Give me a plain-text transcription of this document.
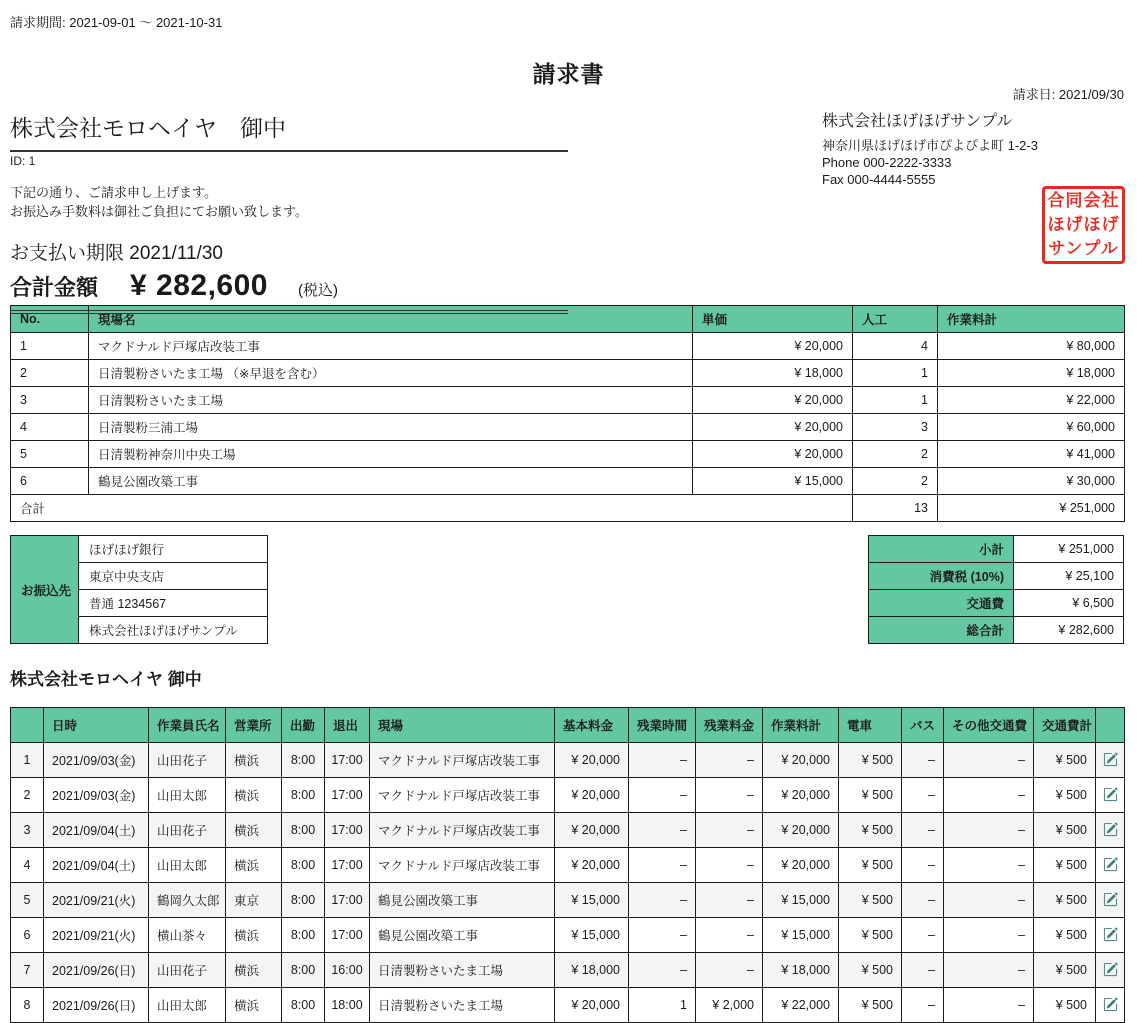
請求期間: 2021-09-01 ～ 2021-10-31
請求書
請求日: 2021/09/30
株式会社モロヘイヤ　御中
ID: 1
下記の通り、ご請求申し上げます。
お振込み手数料は御社ご負担にてお願い致します。
お支払い期限 2021/11/30
合計金額 ¥ 282,600 (税込)
株式会社ほげほげサンプル
神奈川県ほげほげ市ぴよぴよ町 1-2-3
Phone 000-2222-3333
Fax 000-4444-5555
合同会社
ほげほげ
サンプル
No.	現場名	単価	人工	作業料計
1	マクドナルド戸塚店改装工事	¥ 20,000	4	¥ 80,000
2	日清製粉さいたま工場 （※早退を含む）	¥ 18,000	1	¥ 18,000
3	日清製粉さいたま工場	¥ 20,000	1	¥ 22,000
4	日清製粉三浦工場	¥ 20,000	3	¥ 60,000
5	日清製粉神奈川中央工場	¥ 20,000	2	¥ 41,000
6	鶴見公園改築工事	¥ 15,000	2	¥ 30,000
合計			13	¥ 251,000
お振込先	ほげほげ銀行
東京中央支店
普通 1234567
株式会社ほげほげサンプル
小計	¥ 251,000
消費税 (10%)	¥ 25,100
交通費	¥ 6,500
総合計	¥ 282,600
株式会社モロヘイヤ 御中
	日時	作業員氏名	営業所	出勤	退出	現場	基本料金	残業時間	残業料金	作業料計	電車	バス	その他交通費	交通費計	
1	2021/09/03(金)	山田花子	横浜	8:00	17:00	マクドナルド戸塚店改装工事	¥ 20,000	–	–	¥ 20,000	¥ 500	–	–	¥ 500	

2	2021/09/03(金)	山田太郎	横浜	8:00	17:00	マクドナルド戸塚店改装工事	¥ 20,000	–	–	¥ 20,000	¥ 500	–	–	¥ 500	

3	2021/09/04(土)	山田花子	横浜	8:00	17:00	マクドナルド戸塚店改装工事	¥ 20,000	–	–	¥ 20,000	¥ 500	–	–	¥ 500	

4	2021/09/04(土)	山田太郎	横浜	8:00	17:00	マクドナルド戸塚店改装工事	¥ 20,000	–	–	¥ 20,000	¥ 500	–	–	¥ 500	

5	2021/09/21(火)	鶴岡久太郎	東京	8:00	17:00	鶴見公園改築工事	¥ 15,000	–	–	¥ 15,000	¥ 500	–	–	¥ 500	

6	2021/09/21(火)	横山茶々	横浜	8:00	17:00	鶴見公園改築工事	¥ 15,000	–	–	¥ 15,000	¥ 500	–	–	¥ 500	

7	2021/09/26(日)	山田花子	横浜	8:00	16:00	日清製粉さいたま工場	¥ 18,000	–	–	¥ 18,000	¥ 500	–	–	¥ 500	

8	2021/09/26(日)	山田太郎	横浜	8:00	18:00	日清製粉さいたま工場	¥ 20,000	1	¥ 2,000	¥ 22,000	¥ 500	–	–	¥ 500	
